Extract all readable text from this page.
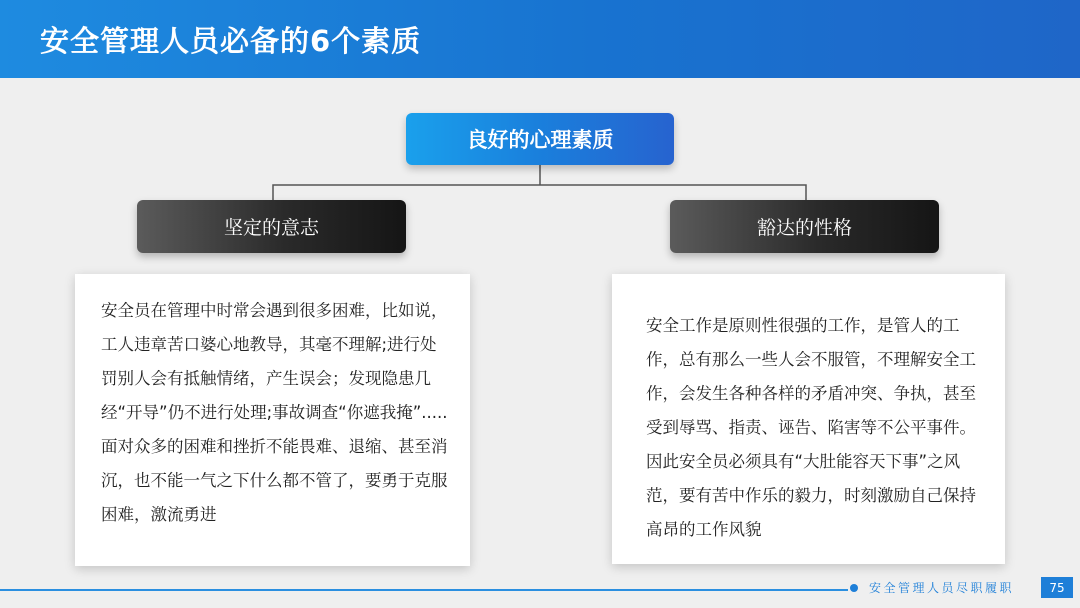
安全管理人员必备的6个素质
良好的心理素质
坚定的意志	豁达的性格

安全员在管理中时常会遇到很多困难，比如说，工人违章苦口婆心地教导，其毫不理解;进行处罚别人会有抵触情绪，产生误会；发现隐患几经“开导”仍不进行处理;事故调查“你遮我掩”.....

面对众多的困难和挫折不能畏难、退缩、甚至消沉，也不能一气之下什么都不管了，要勇于克服困难，激流勇进

安全工作是原则性很强的工作，是管人的工作，总有那么一些人会不服管，不理解安全工作，会发生各种各样的矛盾冲突、争执，甚至受到辱骂、指责、诬告、陷害等不公平事件。因此安全员必须具有“大肚能容天下事”之风范，要有苦中作乐的毅力，时刻激励自己保持高昂的工作风貌

安全管理人员尽职履职	75
